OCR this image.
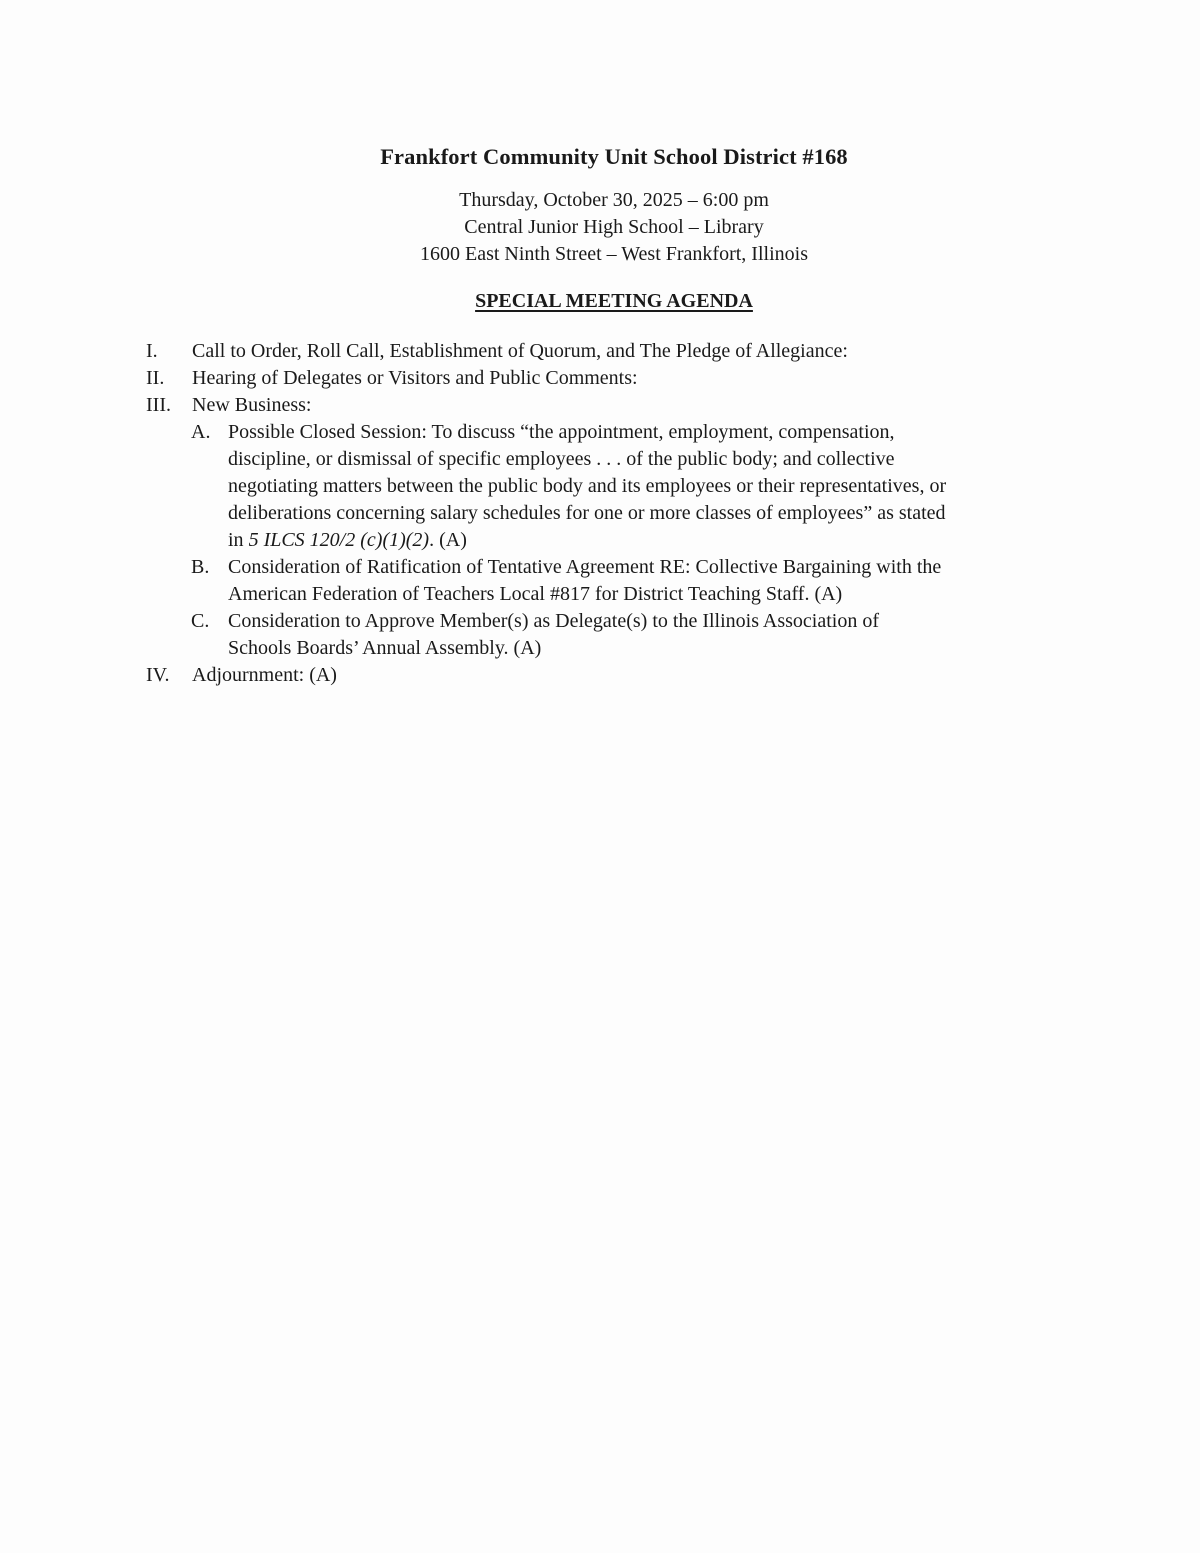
Frankfort Community Unit School District #168
Thursday, October 30, 2025 – 6:00 pm
Central Junior High School – Library
1600 East Ninth Street – West Frankfort, Illinois
SPECIAL MEETING AGENDA
I. Call to Order, Roll Call, Establishment of Quorum, and The Pledge of Allegiance:
II. Hearing of Delegates or Visitors and Public Comments:
III. New Business:
A. Possible Closed Session: To discuss “the appointment, employment, compensation,
discipline, or dismissal of specific employees . . . of the public body; and collective
negotiating matters between the public body and its employees or their representatives, or
deliberations concerning salary schedules for one or more classes of employees” as stated
in 5 ILCS 120/2 (c)(1)(2). (A)
B. Consideration of Ratification of Tentative Agreement RE: Collective Bargaining with the
American Federation of Teachers Local #817 for District Teaching Staff. (A)
C. Consideration to Approve Member(s) as Delegate(s) to the Illinois Association of
Schools Boards’ Annual Assembly. (A)
IV. Adjournment: (A)
